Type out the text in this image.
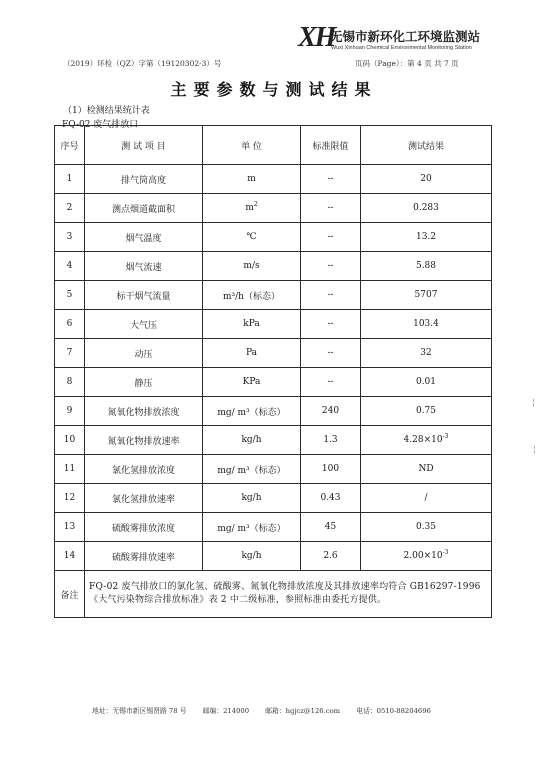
XH
无锡市新环化工环境监测站
Wuxi Xinhuan Chemical Environmental Monitoring Station
（2019）环检（QZ）字第（19120302-3）号	页码（Page）：第 4 页 共 7 页
主要参数与测试结果
（1）检测结果统计表
FQ-02 废气排放口
序号	测 试 项 目	单 位	标准限值	测试结果
1	排气筒高度	m	--	20
2	测点烟道截面积	$m^2$	--	0.283
3	烟气温度	℃	--	13.2
4	烟气流速	m/s	--	5.88
5	标干烟气流量	m³/h（标态）	--	5707
6	大气压	kPa	--	103.4
7	动压	Pa	--	32
8	静压	KPa	--	0.01
9	氮氧化物排放浓度	mg/ m³（标态）	240	0.75
10	氮氧化物排放速率	kg/h	1.3	$4.28\times 10^{-3}$
11	氯化氢排放浓度	mg/ m³（标态）	100	ND
12	氯化氢排放速率	kg/h	0.43	/
13	硫酸雾排放浓度	mg/ m³（标态）	45	0.35
14	硫酸雾排放速率	kg/h	2.6	$2.00\times 10^{-3}$
备注	FQ-02 废气排放口的氯化氢、硫酸雾、氮氧化物排放浓度及其排放速率均符合 GB16297-1996《大气污染物综合排放标准》表 2 中二级标准，参照标准由委托方提供。			
地址：无锡市新区锡贤路 78 号 邮编：214000 邮箱：hgjcz@126.com 电话：0510-88204696
¦
¦
